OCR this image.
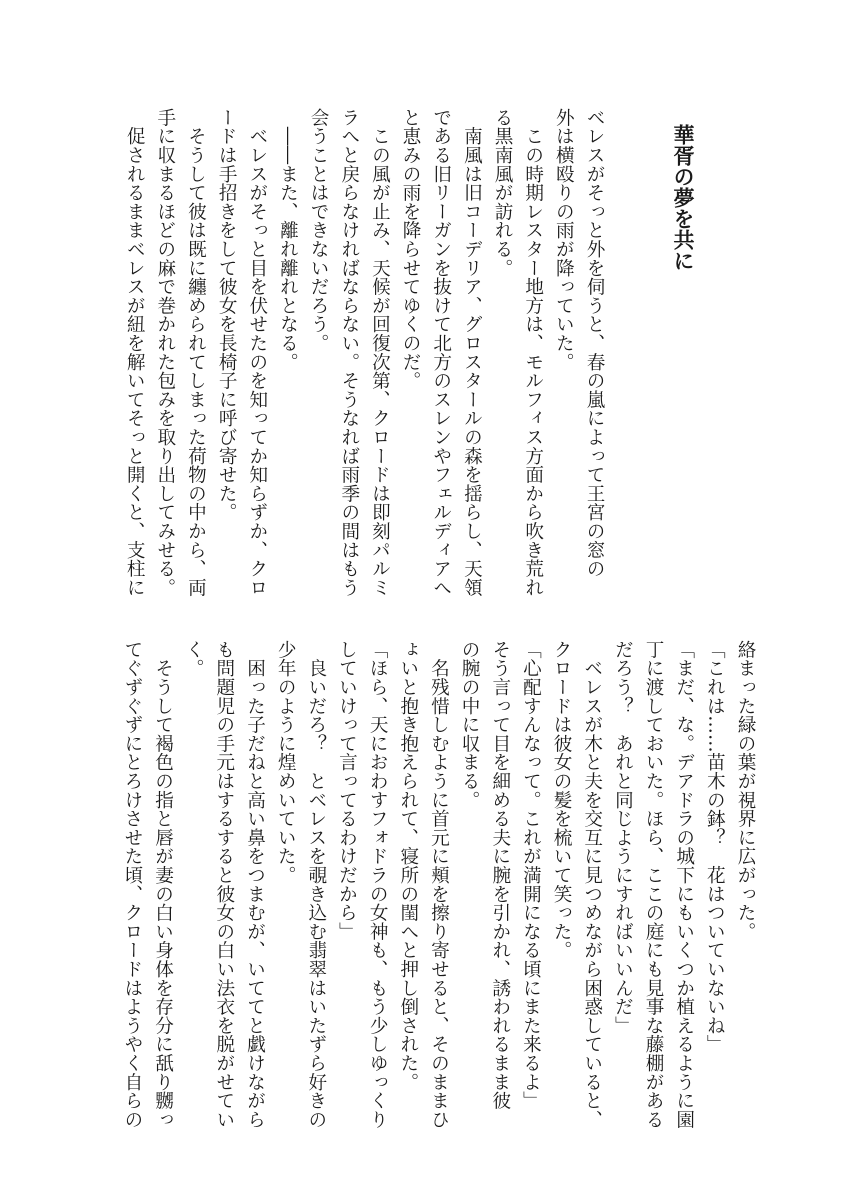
華胥の夢を共に
ベレスがそっと外を伺うと、春の嵐によって王宮の窓の
外は横殴りの雨が降っていた。
　この時期レスター地方は、モルフィス方面から吹き荒れ
る黒南風が訪れる。
　南風は旧コーデリア、グロスタールの森を揺らし、天領
である旧リーガンを抜けて北方のスレンやフェルディアへ
と恵みの雨を降らせてゆくのだ。
　この風が止み、天候が回復次第、クロードは即刻パルミ
ラへと戻らなければならない。そうなれば雨季の間はもう
会うことはできないだろう。
　――また、離れ離れとなる。
　ベレスがそっと目を伏せたのを知ってか知らずか、クロ
ードは手招きをして彼女を長椅子に呼び寄せた。
　そうして彼は既に纏められてしまった荷物の中から、両
手に収まるほどの麻で巻かれた包みを取り出してみせる。
　促されるままベレスが紐を解いてそっと開くと、支柱に
絡まった緑の葉が視界に広がった。
「これは……苗木の鉢？　花はついていないね」
「まだ、な。デアドラの城下にもいくつか植えるように園
丁に渡しておいた。ほら、ここの庭にも見事な藤棚がある
だろう？　あれと同じようにすればいいんだ」
　ベレスが木と夫を交互に見つめながら困惑していると、
クロードは彼女の髪を梳いて笑った。
「心配すんなって。これが満開になる頃にまた来るよ」
そう言って目を細める夫に腕を引かれ、誘われるまま彼
の腕の中に収まる。
　名残惜しむように首元に頬を擦り寄せると、そのままひ
ょいと抱き抱えられて、寝所の閨へと押し倒された。
「ほら、天におわすフォドラの女神も、もう少しゆっくり
していけって言ってるわけだから」
　良いだろ？　とベレスを覗き込む翡翠はいたずら好きの
少年のように煌めいていた。
　困った子だねと高い鼻をつまむが、いててと戯けながら
も問題児の手元はするすると彼女の白い法衣を脱がせてい
く。
　そうして褐色の指と唇が妻の白い身体を存分に舐り嬲っ
てぐずぐずにとろけさせた頃、クロードはようやく自らの
